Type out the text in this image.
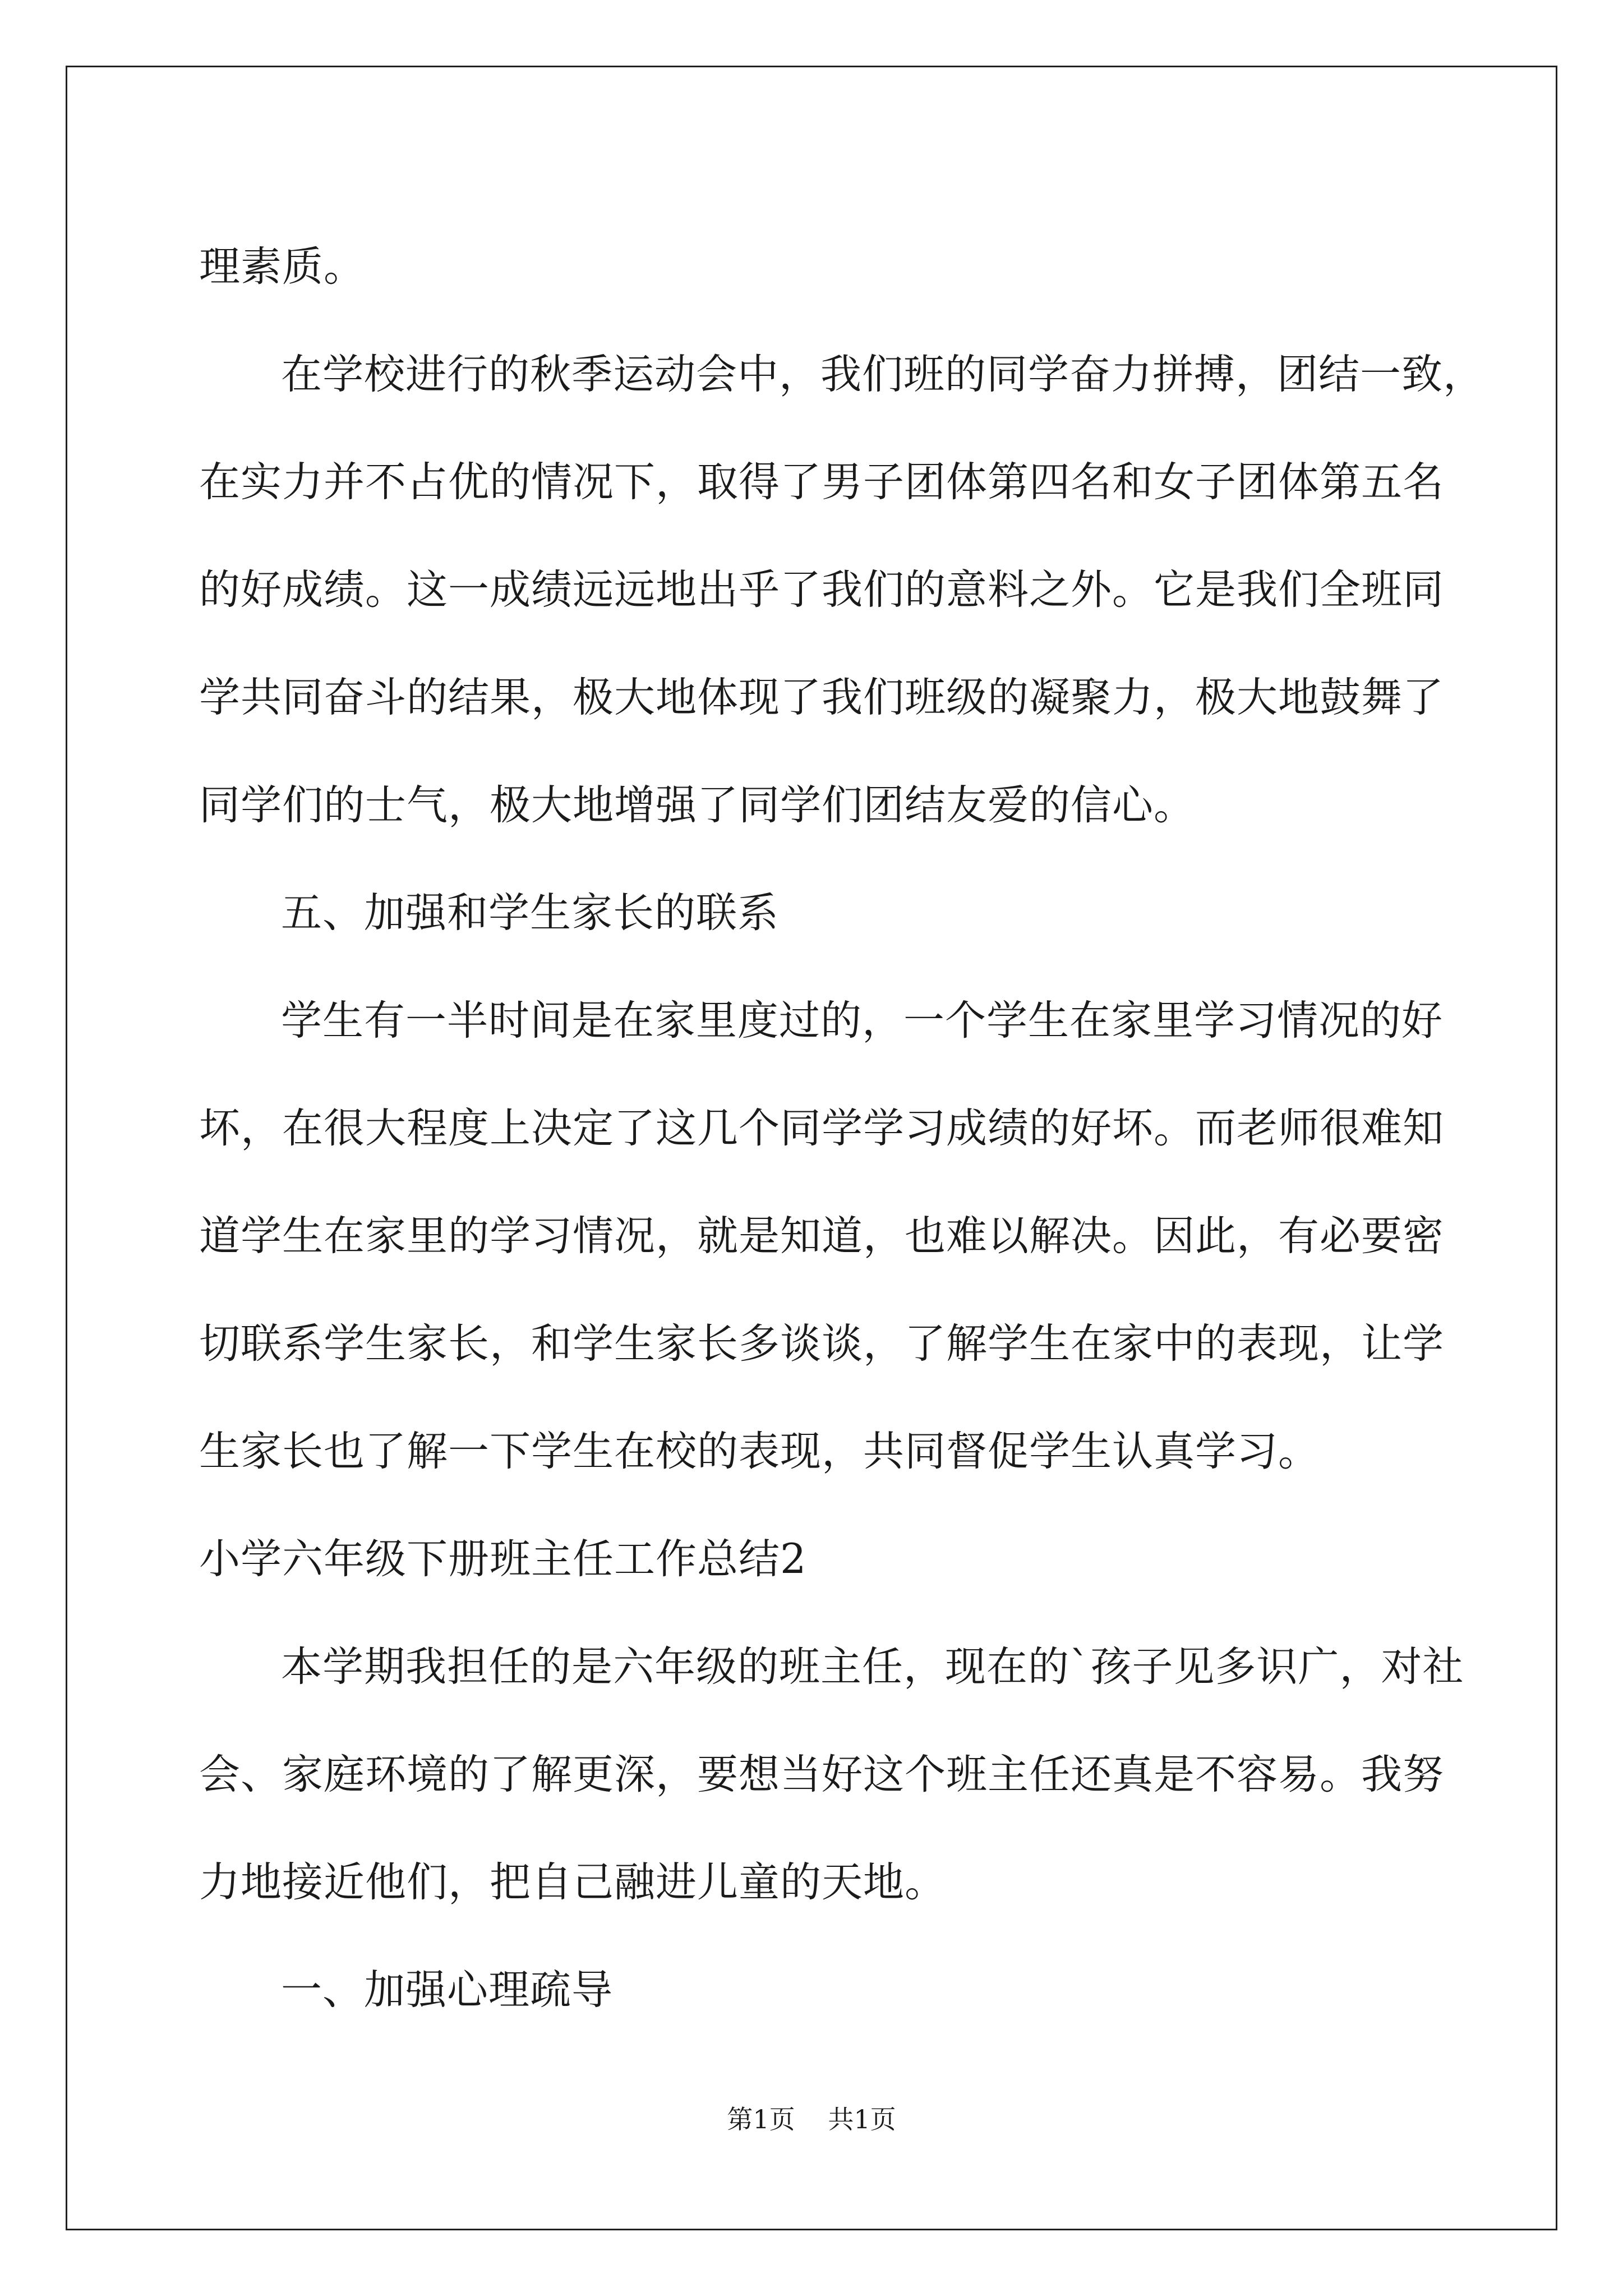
理素质。
在学校进行的秋季运动会中，我们班的同学奋力拼搏，团结一致，
在实力并不占优的情况下，取得了男子团体第四名和女子团体第五名
的好成绩。这一成绩远远地出乎了我们的意料之外。它是我们全班同
学共同奋斗的结果，极大地体现了我们班级的凝聚力，极大地鼓舞了
同学们的士气，极大地增强了同学们团结友爱的信心。
五、加强和学生家长的联系
学生有一半时间是在家里度过的，一个学生在家里学习情况的好
坏，在很大程度上决定了这几个同学学习成绩的好坏。而老师很难知
道学生在家里的学习情况，就是知道，也难以解决。因此，有必要密
切联系学生家长，和学生家长多谈谈，了解学生在家中的表现，让学
生家长也了解一下学生在校的表现，共同督促学生认真学习。
小学六年级下册班主任工作总结2
本学期我担任的是六年级的班主任，现在的`孩子见多识广，对社
会、家庭环境的了解更深，要想当好这个班主任还真是不容易。我努
力地接近他们，把自己融进儿童的天地。
一、加强心理疏导
第1页 共1页
